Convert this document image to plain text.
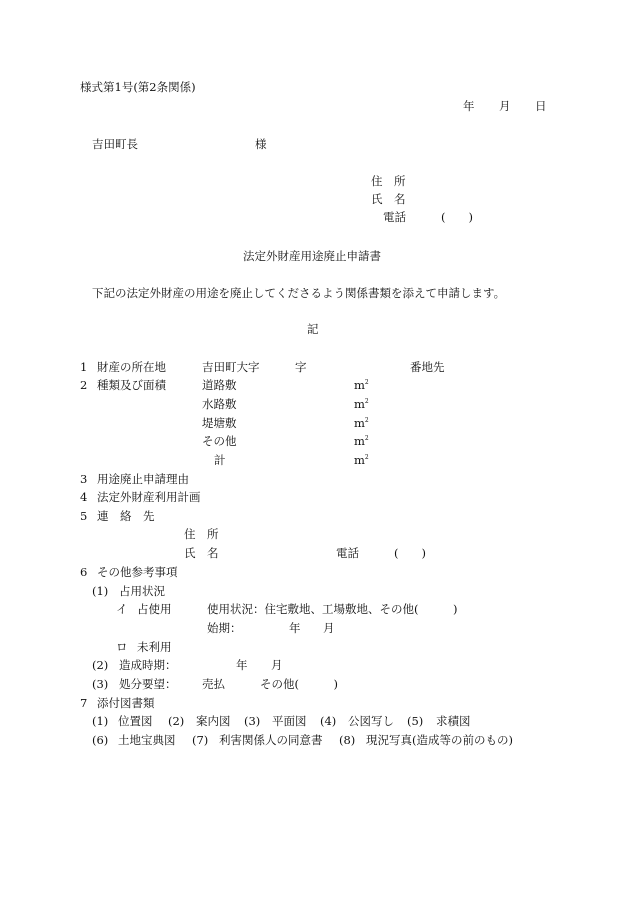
様式第1号(第2条関係)
年 月 日
吉田町長	様
住　所
氏　名
電話	(　　)
法定外財産用途廃止申請書
下記の法定外財産の用途を廃止してくださるよう関係書類を添えて申請します。
記
1 財産の所在地	吉田町大字	字	番地先
2 種類及び面積	道路敷	$m^2$
水路敷	$m^2$
堤塘敷	$m^2$
その他	$m^2$
計	$m^2$
3 用途廃止申請理由
4 法定外財産利用計画
5 連　絡　先
住　所
氏　名	電話	(　　)
6 その他参考事項
(1) 占用状況
イ 占使用	使用状況：住宅敷地、工場敷地、その他(　　　)
始期：	年 月
ロ 未利用
(2) 造成時期：	年 月
(3) 処分要望： 売払	その他(　　　)
7 添付図書類
(1) 位置図 (2) 案内図 (3) 平面図 (4) 公図写し (5) 求積図
(6) 土地宝典図 (7) 利害関係人の同意書 (8) 現況写真(造成等の前のもの)
